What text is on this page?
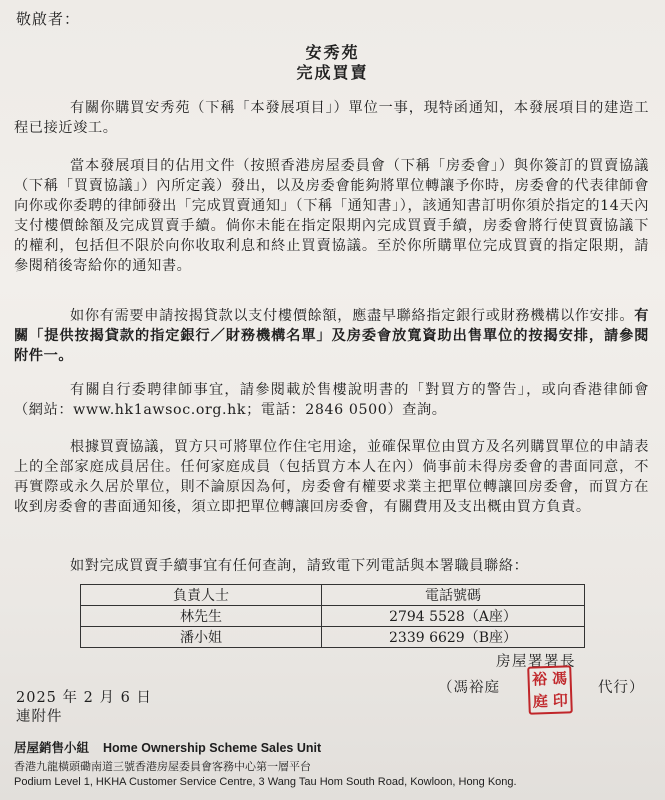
敬啟者：
安秀苑
完成買賣
有關你購買安秀苑（下稱「本發展項目」）單位一事，現特函通知，本發展項目的建造工程已接近竣工。
當本發展項目的佔用文件（按照香港房屋委員會（下稱「房委會」）與你簽訂的買賣協議（下稱「買賣協議」）內所定義）發出，以及房委會能夠將單位轉讓予你時，房委會的代表律師會向你或你委聘的律師發出「完成買賣通知」（下稱「通知書」），該通知書訂明你須於指定的14天內支付樓價餘額及完成買賣手續。倘你未能在指定限期內完成買賣手續，房委會將行使買賣協議下的權利，包括但不限於向你收取利息和終止買賣協議。至於你所購單位完成買賣的指定限期，請參閱稍後寄給你的通知書。
如你有需要申請按揭貸款以支付樓價餘額，應盡早聯絡指定銀行或財務機構以作安排。有關「提供按揭貸款的指定銀行／財務機構名單」及房委會放寬資助出售單位的按揭安排，請參閱附件一。
有關自行委聘律師事宜，請參閱載於售樓說明書的「對買方的警告」，或向香港律師會（網站：www.hk1awsoc.org.hk；電話：2846 0500）查詢。
根據買賣協議，買方只可將單位作住宅用途，並確保單位由買方及名列購買單位的申請表上的全部家庭成員居住。任何家庭成員（包括買方本人在內）倘事前未得房委會的書面同意，不再實際或永久居於單位，則不論原因為何，房委會有權要求業主把單位轉讓回房委會，而買方在收到房委會的書面通知後，須立即把單位轉讓回房委會，有關費用及支出概由買方負責。
如對完成買賣手續事宜有任何查詢，請致電下列電話與本署職員聯絡：
負責人士	電話號碼
林先生	2794 5528（A座）
潘小姐	2339 6629（B座）
房屋署署長
（馮裕庭	代行）
裕 馮
庭 印
2025 年 2 月 6 日
連附件
居屋銷售小組 Home Ownership Scheme Sales Unit
香港九龍橫頭磡南道三號香港房屋委員會客務中心第一層平台
Podium Level 1, HKHA Customer Service Centre, 3 Wang Tau Hom South Road, Kowloon, Hong Kong.
